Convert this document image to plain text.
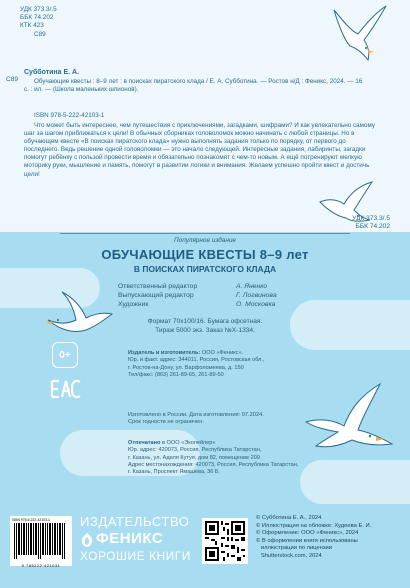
УДК 373.3/.5
ББК 74.202
КТК 423
С89
С89
Субботина Е. А.
Обучающие квесты : 8–9 лет : в поисках пиратского клада / Е. А. Субботина. — Ростов н/Д : Феникс, 2024. — 16 с. : ил. — (Школа маленьких шпионов).
ISBN 978-5-222-42103-1
Что может быть интереснее, чем путешествия с приключениями, загадками, шифрами? И как увлекательно самому шаг за шагом приближаться к цели! В обычных сборниках головоломок можно начинать с любой страницы. Но в обучающем квесте «В поисках пиратского клада» нужно выполнять задания только по порядку, от первого до последнего. Ведь решение одной головоломки — это начало следующей. Интересные задания, лабиринты, загадки помогут ребёнку с пользой провести время и обязательно познакомят с чем-то новым. А ещё потренируют мелкую моторику руки, мышление и память, помогут в развитии логики и внимания. Желаем успешно пройти квест и достичь цели!
УДК 373.3/.5
ББК 74.202
Популярное издание
ОБУЧАЮЩИЕ КВЕСТЫ 8–9 лет
В ПОИСКАХ ПИРАТСКОГО КЛАДА
Ответственный редактор	А. Яненко
Выпускающий редактор	Г. Логвинова
Художник	О. Московка
Формат 70х100/16. Бумага офсетная.
Тираж 5000 экз. Заказ №Х-1334.
0+	Издатель и изготовитель: ООО «Феникс».
Юр. и факт. адрес: 344011, Россия, Ростовская обл.,
г. Ростов-на-Дону, ул. Варфоломеева, д. 150
Тел/факс: (863) 261-89-65, 261-89-50
Изготовлено в России. Дата изготовления: 07.2024.
Срок годности не ограничен.
Отпечатано в ООО «Экопейпер»
Юр. адрес: 420073, Россия, Республика Татарстан,
г. Казань, ул. Аделя Кутуя, дом 82, помещение 209
Адрес местонахождения: 420073, Россия, Республика Татарстан,
г. Казань, Проспект Ямашева, 36 Б
ISBN 978-5-222-42103-1
9 785222 421031
ИЗДАТЕЛЬСТВО
ФЕНИКС
ХОРОШИЕ КНИГИ
© Субботина Е. А., 2024
© Иллюстрация на обложке: Худеева Е. И.
© Оформление: ООО «Феникс», 2024
© В оформлении книги использованы
иллюстрации по лицензии
Shutterstock.com, 2024
